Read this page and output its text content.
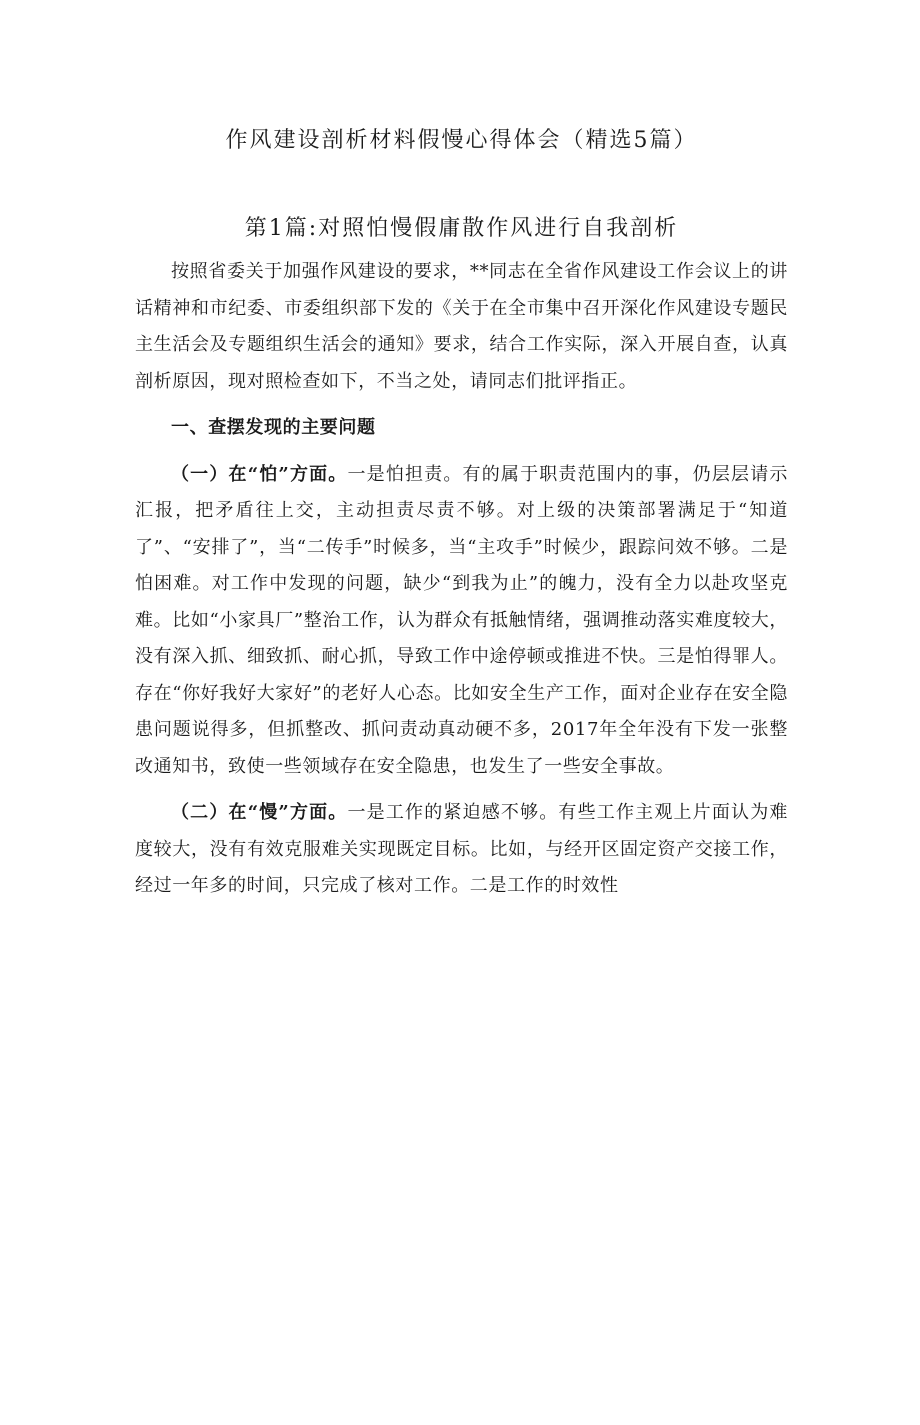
作风建设剖析材料假慢心得体会（精选5篇）
第1篇:对照怕慢假庸散作风进行自我剖析

按照省委关于加强作风建设的要求，**同志在全省作风建设工作会议上的讲话精神和市纪委、市委组织部下发的《关于在全市集中召开深化作风建设专题民主生活会及专题组织生活会的通知》要求，结合工作实际，深入开展自查，认真剖析原因，现对照检查如下，不当之处，请同志们批评指正。

一、查摆发现的主要问题

（一）在“怕”方面。一是怕担责。有的属于职责范围内的事，仍层层请示汇报，把矛盾往上交，主动担责尽责不够。对上级的决策部署满足于“知道了”、“安排了”，当“二传手”时候多，当“主攻手”时候少，跟踪问效不够。二是怕困难。对工作中发现的问题，缺少“到我为止”的魄力，没有全力以赴攻坚克难。比如“小家具厂”整治工作，认为群众有抵触情绪，强调推动落实难度较大，没有深入抓、细致抓、耐心抓，导致工作中途停顿或推进不快。三是怕得罪人。存在“你好我好大家好”的老好人心态。比如安全生产工作，面对企业存在安全隐患问题说得多，但抓整改、抓问责动真动硬不多，2017年全年没有下发一张整改通知书，致使一些领域存在安全隐患，也发生了一些安全事故。

（二）在“慢”方面。一是工作的紧迫感不够。有些工作主观上片面认为难度较大，没有有效克服难关实现既定目标。比如，与经开区固定资产交接工作，经过一年多的时间，只完成了核对工作。二是工作的时效性
